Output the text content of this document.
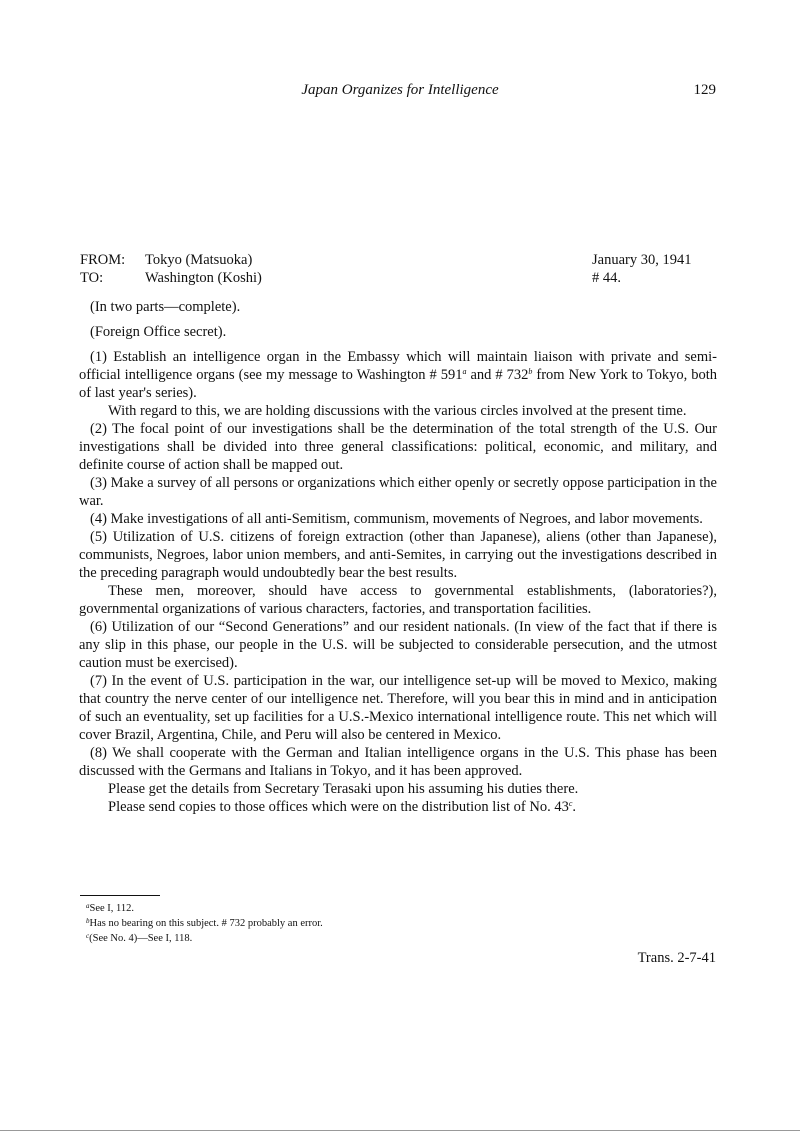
Japan Organizes for Intelligence	129
FROM: Tokyo (Matsuoka)	January 30, 1941
TO:	Washington (Koshi)	# 44.

(In two parts—complete).

(Foreign Office secret).

(1) Establish an intelligence organ in the Embassy which will maintain liaison with private and semi-official intelligence organs (see my message to Washington # 591$^a$ and # 732$^b$ from New York to Tokyo, both of last year's series).

With regard to this, we are holding discussions with the various circles involved at the present time.

(2) The focal point of our investigations shall be the determination of the total strength of the U.S. Our investigations shall be divided into three general classifications: political, economic, and military, and definite course of action shall be mapped out.

(3) Make a survey of all persons or organizations which either openly or secretly oppose participation in the war.

(4) Make investigations of all anti-Semitism, communism, movements of Negroes, and labor movements.

(5) Utilization of U.S. citizens of foreign extraction (other than Japanese), aliens (other than Japanese), communists, Negroes, labor union members, and anti-Semites, in carrying out the investigations described in the preceding paragraph would undoubtedly bear the best results.

These men, moreover, should have access to governmental establishments, (laboratories?), governmental organizations of various characters, factories, and transportation facilities.

(6) Utilization of our “Second Generations” and our resident nationals. (In view of the fact that if there is any slip in this phase, our people in the U.S. will be subjected to considerable persecution, and the utmost caution must be exercised).

(7) In the event of U.S. participation in the war, our intelligence set-up will be moved to Mexico, making that country the nerve center of our intelligence net. Therefore, will you bear this in mind and in anticipation of such an eventuality, set up facilities for a U.S.-Mexico international intelligence route. This net which will cover Brazil, Argentina, Chile, and Peru will also be centered in Mexico.

(8) We shall cooperate with the German and Italian intelligence organs in the U.S. This phase has been discussed with the Germans and Italians in Tokyo, and it has been approved.

Please get the details from Secretary Terasaki upon his assuming his duties there.

Please send copies to those offices which were on the distribution list of No. 43$^c$.

$^a$See I, 112.
$^b$Has no bearing on this subject. # 732 probably an error.
$^c$(See No. 4)—See I, 118.
Trans. 2-7-41
